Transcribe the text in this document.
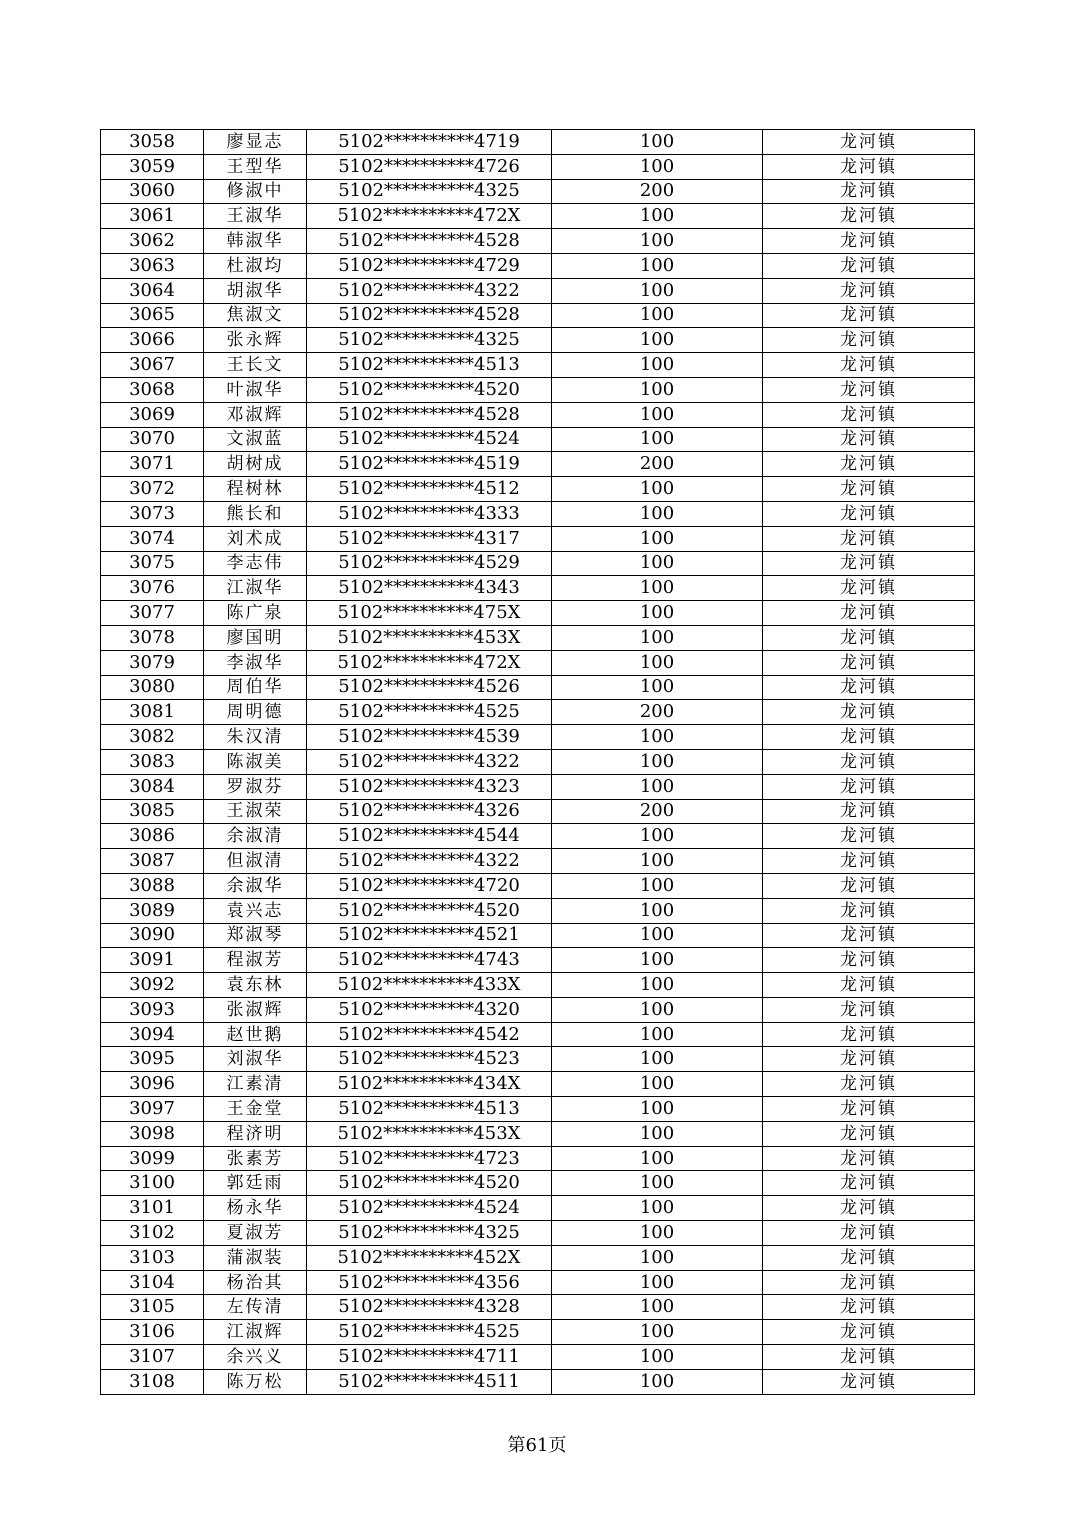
3058	廖显志	5102**********4719	100	龙河镇
3059	王型华	5102**********4726	100	龙河镇
3060	修淑中	5102**********4325	200	龙河镇
3061	王淑华	5102**********472X	100	龙河镇
3062	韩淑华	5102**********4528	100	龙河镇
3063	杜淑均	5102**********4729	100	龙河镇
3064	胡淑华	5102**********4322	100	龙河镇
3065	焦淑文	5102**********4528	100	龙河镇
3066	张永辉	5102**********4325	100	龙河镇
3067	王长文	5102**********4513	100	龙河镇
3068	叶淑华	5102**********4520	100	龙河镇
3069	邓淑辉	5102**********4528	100	龙河镇
3070	文淑蓝	5102**********4524	100	龙河镇
3071	胡树成	5102**********4519	200	龙河镇
3072	程树林	5102**********4512	100	龙河镇
3073	熊长和	5102**********4333	100	龙河镇
3074	刘术成	5102**********4317	100	龙河镇
3075	李志伟	5102**********4529	100	龙河镇
3076	江淑华	5102**********4343	100	龙河镇
3077	陈广泉	5102**********475X	100	龙河镇
3078	廖国明	5102**********453X	100	龙河镇
3079	李淑华	5102**********472X	100	龙河镇
3080	周伯华	5102**********4526	100	龙河镇
3081	周明德	5102**********4525	200	龙河镇
3082	朱汉清	5102**********4539	100	龙河镇
3083	陈淑美	5102**********4322	100	龙河镇
3084	罗淑芬	5102**********4323	100	龙河镇
3085	王淑荣	5102**********4326	200	龙河镇
3086	余淑清	5102**********4544	100	龙河镇
3087	但淑清	5102**********4322	100	龙河镇
3088	余淑华	5102**********4720	100	龙河镇
3089	袁兴志	5102**********4520	100	龙河镇
3090	郑淑琴	5102**********4521	100	龙河镇
3091	程淑芳	5102**********4743	100	龙河镇
3092	袁东林	5102**********433X	100	龙河镇
3093	张淑辉	5102**********4320	100	龙河镇
3094	赵世鹅	5102**********4542	100	龙河镇
3095	刘淑华	5102**********4523	100	龙河镇
3096	江素清	5102**********434X	100	龙河镇
3097	王金堂	5102**********4513	100	龙河镇
3098	程济明	5102**********453X	100	龙河镇
3099	张素芳	5102**********4723	100	龙河镇
3100	郭廷雨	5102**********4520	100	龙河镇
3101	杨永华	5102**********4524	100	龙河镇
3102	夏淑芳	5102**********4325	100	龙河镇
3103	蒲淑装	5102**********452X	100	龙河镇
3104	杨治其	5102**********4356	100	龙河镇
3105	左传清	5102**********4328	100	龙河镇
3106	江淑辉	5102**********4525	100	龙河镇
3107	余兴义	5102**********4711	100	龙河镇
3108	陈万松	5102**********4511	100	龙河镇
第61页
